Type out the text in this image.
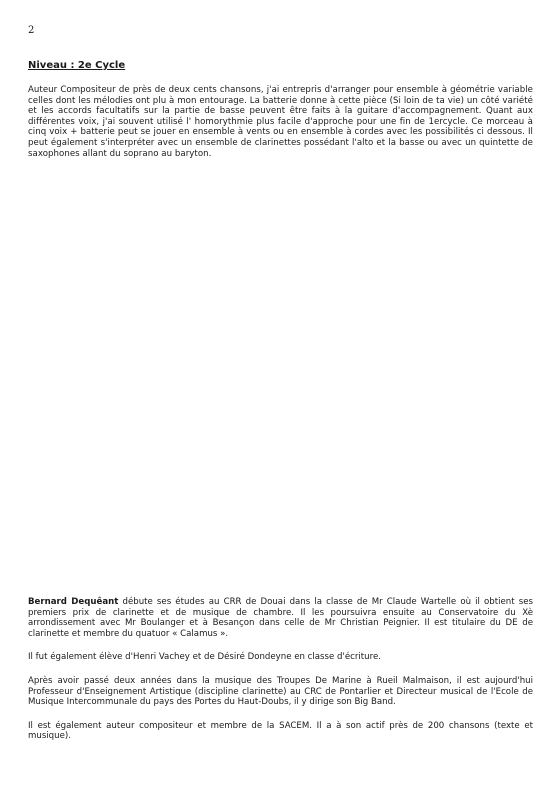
2
Niveau : 2e Cycle
Auteur Compositeur de près de deux cents chansons, j'ai entrepris d'arranger pour ensemble à géométrie variable celles dont les mélodies ont plu à mon entourage. La batterie donne à cette pièce (Si loin de ta vie) un côté variété et les accords facultatifs sur la partie de basse peuvent être faits à la guitare d'accompagnement. Quant aux différentes voix, j'ai souvent utilisé l' homorythmie plus facile d'approche pour une fin de 1ercycle. Ce morceau à cinq voix + batterie peut se jouer en ensemble à vents ou en ensemble à cordes avec les possibilités ci dessous. Il peut également s'interpréter avec un ensemble de clarinettes possédant l'alto et la basse ou avec un quintette de saxophones allant du soprano au baryton.

Bernard Dequêant débute ses études au CRR de Douai dans la classe de Mr Claude Wartelle où il obtient ses premiers prix de clarinette et de musique de chambre. Il les poursuivra ensuite au Conservatoire du Xè arrondissement avec Mr Boulanger et à Besançon dans celle de Mr Christian Peignier. Il est titulaire du DE de clarinette et membre du quatuor « Calamus ».

Il fut également élève d'Henri Vachey et de Désiré Dondeyne en classe d'écriture.

Après avoir passé deux années dans la musique des Troupes De Marine à Rueil Malmaison, il est aujourd'hui Professeur d'Enseignement Artistique (discipline clarinette) au CRC de Pontarlier et Directeur musical de l'Ecole de Musique Intercommunale du pays des Portes du Haut-Doubs, il y dirige son Big Band.

Il est également auteur compositeur et membre de la SACEM. Il a à son actif près de 200 chansons (texte et musique).
